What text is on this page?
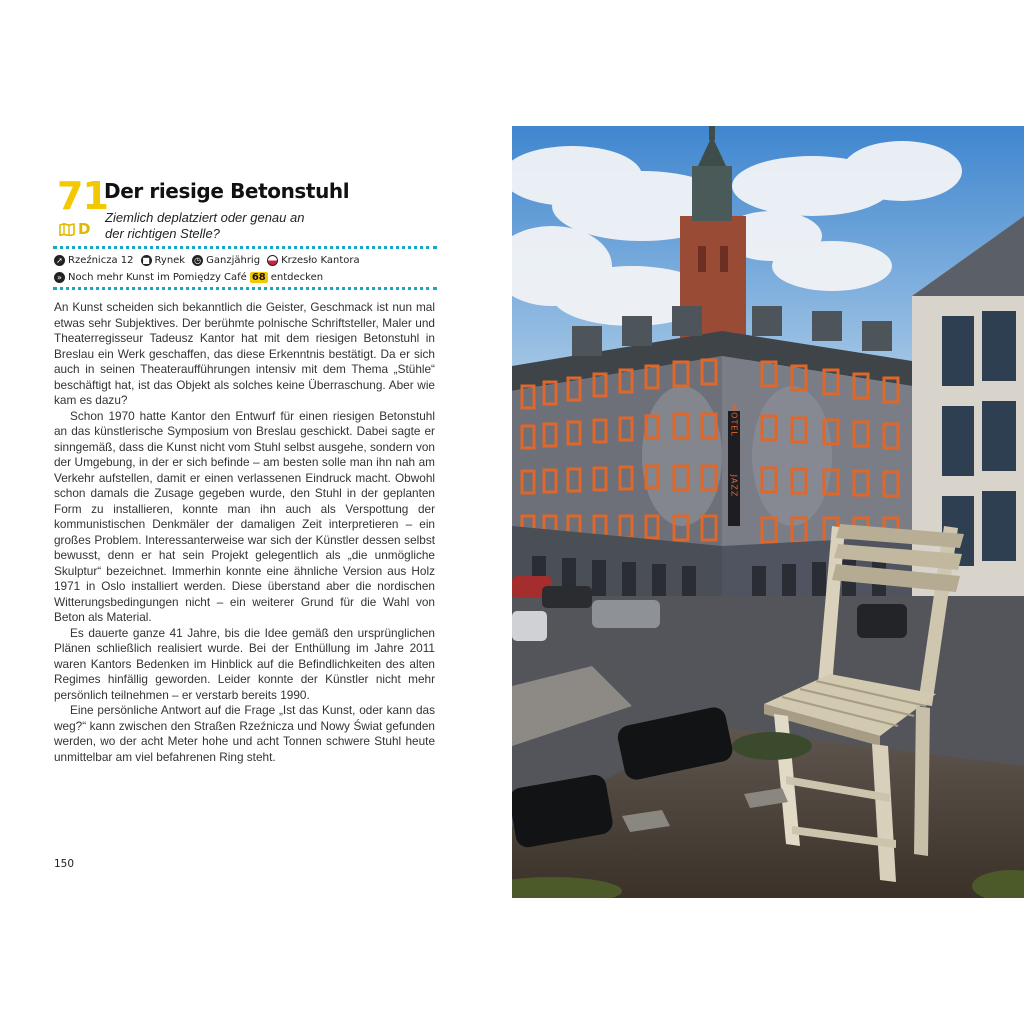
71
D
Der riesige Betonstuhl
Ziemlich deplatziert oder genau an der richtigen Stelle?
➚ Rzeźnicza 12 ■ Rynek ◷ Ganzjährig Krzesło Kantora
» Noch mehr Kunst im Pomiędzy Café 68 entdecken

An Kunst scheiden sich bekanntlich die Geister, Geschmack ist nun mal etwas sehr Subjektives. Der berühmte polnische Schriftsteller, Maler und Theaterregisseur Tadeusz Kantor hat mit dem riesigen Betonstuhl in Breslau ein Werk geschaffen, das diese Erkenntnis bestätigt. Da er sich auch in seinen Theateraufführungen intensiv mit dem Thema „Stühle“ beschäftigt hat, ist das Objekt als solches keine Überraschung. Aber wie kam es dazu?

Schon 1970 hatte Kantor den Entwurf für einen riesigen Betonstuhl an das künstlerische Symposium von Breslau geschickt. Dabei sagte er sinngemäß, dass die Kunst nicht vom Stuhl selbst ausgehe, sondern von der Umgebung, in der er sich befinde – am besten solle man ihn nah am Verkehr aufstellen, damit er einen verlassenen Eindruck macht. Obwohl schon damals die Zusage gegeben wurde, den Stuhl in der geplanten Form zu installieren, konnte man ihn auch als Verspottung der kommunistischen Denkmäler der damaligen Zeit interpretieren – ein großes Problem. Interessanterweise war sich der Künstler dessen selbst bewusst, denn er hat sein Projekt gelegentlich als „die unmögliche Skulptur“ bezeichnet. Immerhin konnte eine ähnliche Version aus Holz 1971 in Oslo installiert werden. Diese überstand aber die nordischen Witterungsbedingungen nicht – ein weiterer Grund für die Wahl von Beton als Material.

Es dauerte ganze 41 Jahre, bis die Idee gemäß den ursprünglichen Plänen schließlich realisiert wurde. Bei der Enthüllung im Jahre 2011 waren Kantors Bedenken im Hinblick auf die Befindlichkeiten des alten Regimes hinfällig geworden. Leider konnte der Künstler nicht mehr persönlich teilnehmen – er verstarb bereits 1990.

Eine persönliche Antwort auf die Frage „Ist das Kunst, oder kann das weg?“ kann zwischen den Straßen Rzeźnicza und Nowy Świat gefunden werden, wo der acht Meter hohe und acht Tonnen schwere Stuhl heute unmittelbar am viel befahrenen Ring steht.

150
HOTEL
JAZZ
